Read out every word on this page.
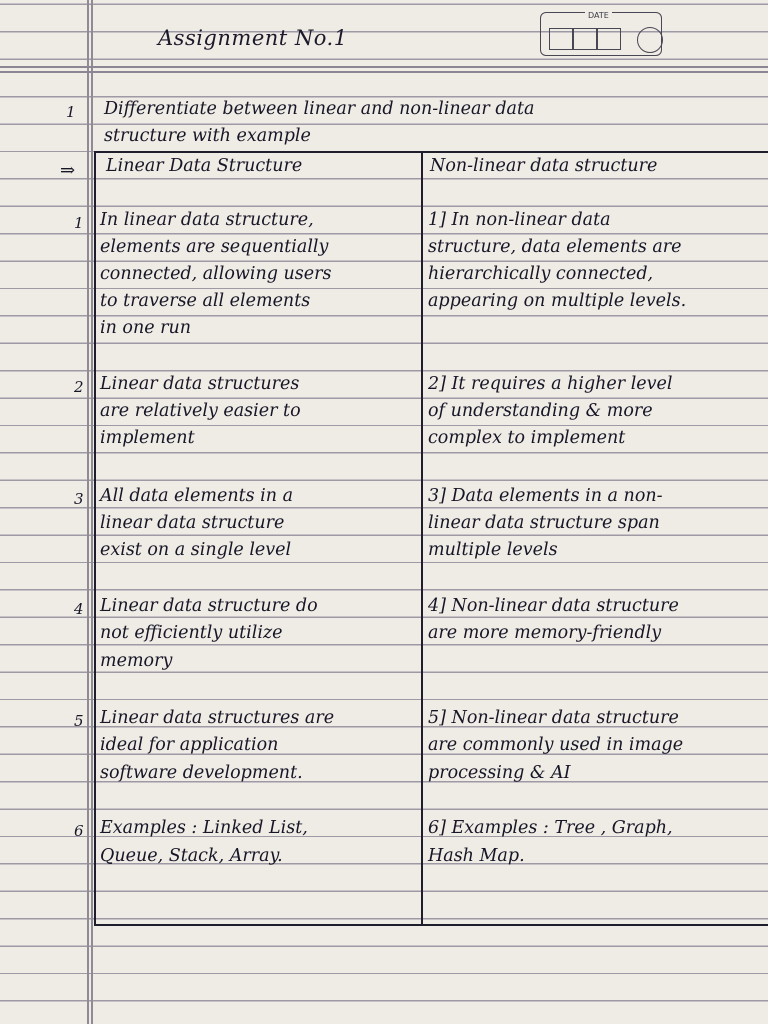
Assignment No.1
DATE
1 Differentiate between linear and non-linear data
structure with example
⇒ Linear Data Structure	Non-linear data structure
1 In linear data structure,
elements are sequentially
connected, allowing users
to traverse all elements
in one run
1] In non-linear data
structure, data elements are
hierarchically connected,
appearing on multiple levels.
2 Linear data structures
are relatively easier to
implement
2] It requires a higher level
of understanding & more
complex to implement
3 All data elements in a
linear data structure
exist on a single level
3] Data elements in a non-
linear data structure span
multiple levels
4 Linear data structure do
not efficiently utilize
memory
4] Non-linear data structure
are more memory-friendly
5 Linear data structures are
ideal for application
software development.
5] Non-linear data structure
are commonly used in image
processing & AI
6 Examples : Linked List,
Queue, Stack, Array.
6] Examples : Tree , Graph,
Hash Map.
